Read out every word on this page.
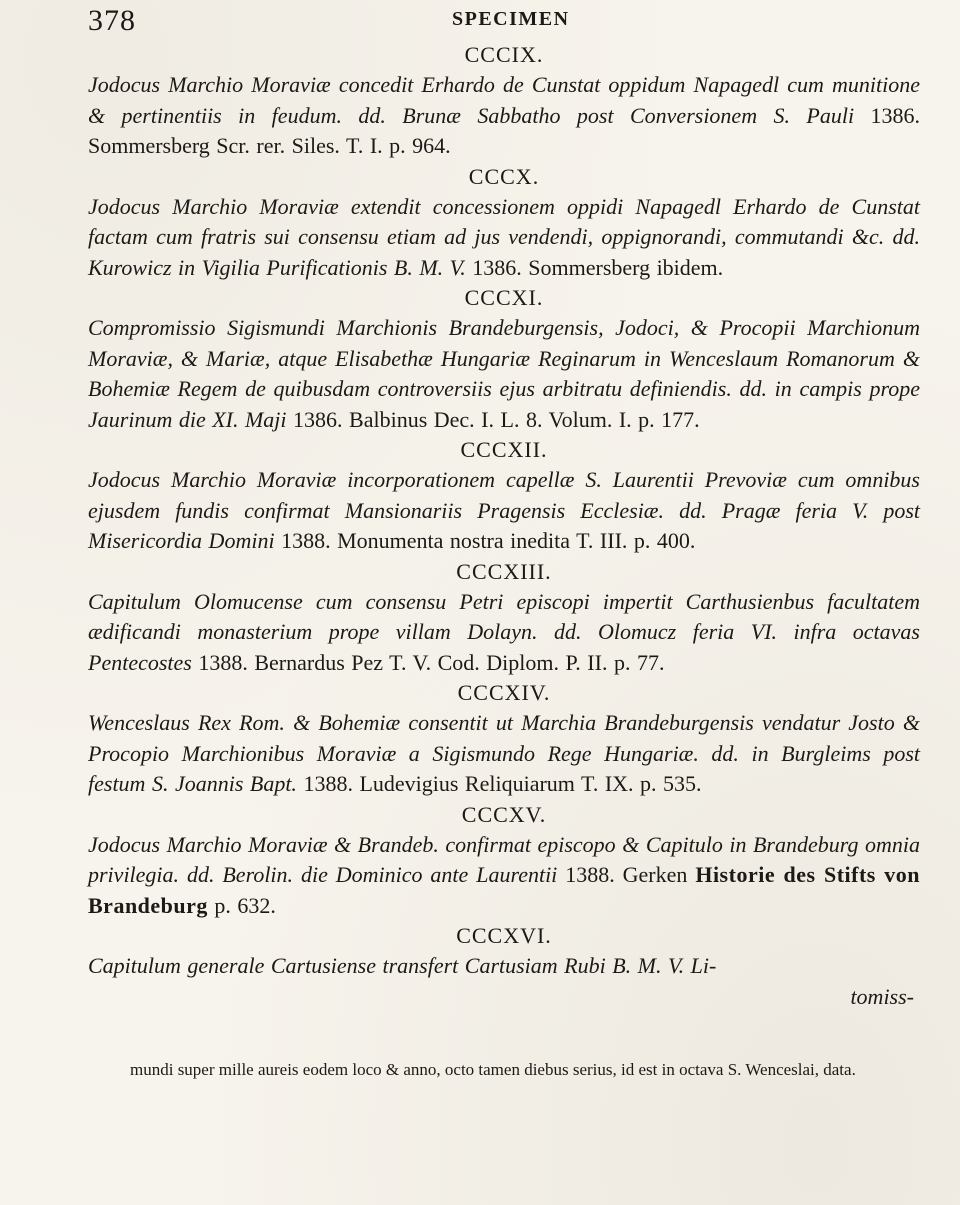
378	SPECIMEN

CCCIX.

Jodocus Marchio Moraviæ concedit Erhardo de Cunstat oppidum Napagedl cum munitione & pertinentiis in feudum. dd. Brunæ Sabbatho post Conversionem S. Pauli 1386. Sommersberg Scr. rer. Siles. T. I. p. 964.

CCCX.

Jodocus Marchio Moraviæ extendit concessionem oppidi Napagedl Erhardo de Cunstat factam cum fratris sui consensu etiam ad jus vendendi, oppignorandi, commutandi &c. dd. Kurowicz in Vigilia Purificationis B. M. V. 1386. Sommersberg ibidem.

CCCXI.

Compromissio Sigismundi Marchionis Brandeburgensis, Jodoci, & Procopii Marchionum Moraviæ, & Mariæ, atque Elisabethæ Hungariæ Reginarum in Wenceslaum Romanorum & Bohemiæ Regem de quibusdam controversiis ejus arbitratu definiendis. dd. in campis prope Jaurinum die XI. Maji 1386. Balbinus Dec. I. L. 8. Volum. I. p. 177.

CCCXII.

Jodocus Marchio Moraviæ incorporationem capellæ S. Laurentii Prevoviæ cum omnibus ejusdem fundis confirmat Mansionariis Pragensis Ecclesiæ. dd. Pragæ feria V. post Misericordia Domini 1388. Monumenta nostra inedita T. III. p. 400.

CCCXIII.

Capitulum Olomucense cum consensu Petri episcopi impertit Carthusienbus facultatem ædificandi monasterium prope villam Dolayn. dd. Olomucz feria VI. infra octavas Pentecostes 1388. Bernardus Pez T. V. Cod. Diplom. P. II. p. 77.

CCCXIV.

Wenceslaus Rex Rom. & Bohemiæ consentit ut Marchia Brandeburgensis vendatur Josto & Procopio Marchionibus Moraviæ a Sigismundo Rege Hungariæ. dd. in Burgleims post festum S. Joannis Bapt. 1388. Ludevigius Reliquiarum T. IX. p. 535.

CCCXV.

Jodocus Marchio Moraviæ & Brandeb. confirmat episcopo & Capitulo in Brandeburg omnia privilegia. dd. Berolin. die Dominico ante Laurentii 1388. Gerken Historie des Stifts von Brandeburg p. 632.

CCCXVI.

Capitulum generale Cartusiense transfert Cartusiam Rubi B. M. V. Li-

tomiss-

mundi super mille aureis eodem loco & anno, octo tamen diebus serius, id est in octava S. Wenceslai, data.
